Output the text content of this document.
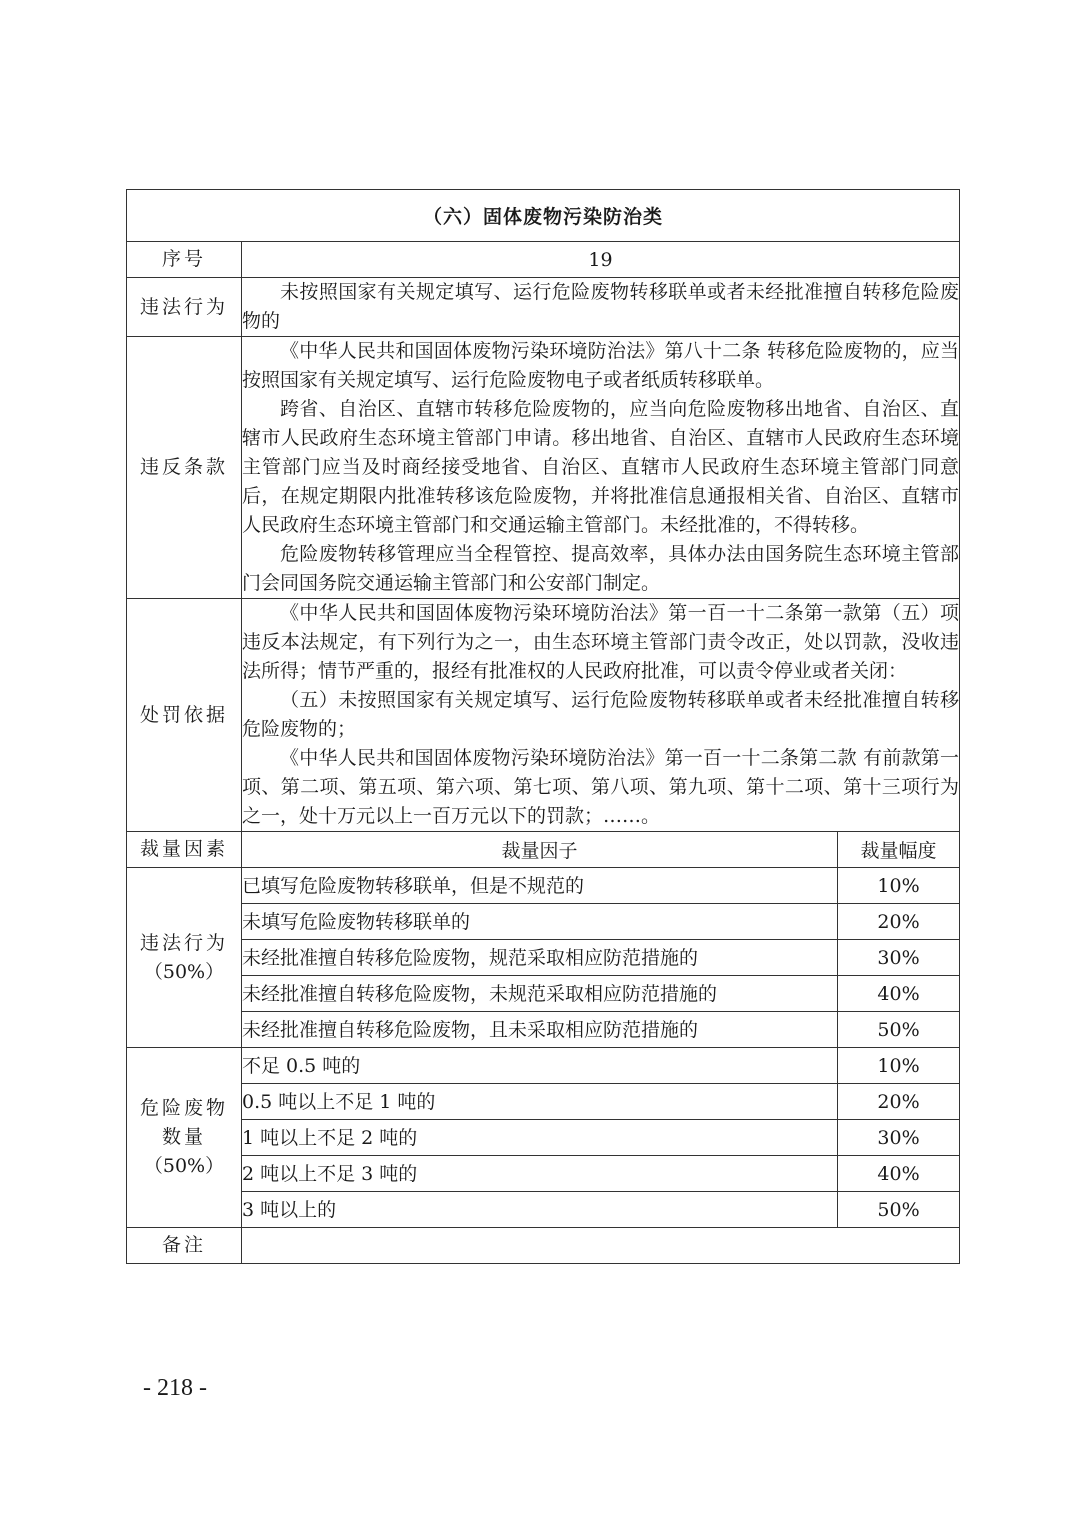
（六）固体废物污染防治类		
序号	19	
违法行为	未按照国家有关规定填写、运行危险废物转移联单或者未经批准擅自转移危险废物的	

违反条款	《中华人民共和国固体废物污染环境防治法》第八十二条 转移危险废物的，应当按照国家有关规定填写、运行危险废物电子或者纸质转移联单。

跨省、自治区、直辖市转移危险废物的，应当向危险废物移出地省、自治区、直辖市人民政府生态环境主管部门申请。移出地省、自治区、直辖市人民政府生态环境主管部门应当及时商经接受地省、自治区、直辖市人民政府生态环境主管部门同意后，在规定期限内批准转移该危险废物，并将批准信息通报相关省、自治区、直辖市人民政府生态环境主管部门和交通运输主管部门。未经批准的，不得转移。

危险废物转移管理应当全程管控、提高效率，具体办法由国务院生态环境主管部门会同国务院交通运输主管部门和公安部门制定。	

处罚依据	《中华人民共和国固体废物污染环境防治法》第一百一十二条第一款第（五）项 违反本法规定，有下列行为之一，由生态环境主管部门责令改正，处以罚款，没收违法所得；情节严重的，报经有批准权的人民政府批准，可以责令停业或者关闭：

（五）未按照国家有关规定填写、运行危险废物转移联单或者未经批准擅自转移危险废物的；

《中华人民共和国固体废物污染环境防治法》第一百一十二条第二款 有前款第一项、第二项、第五项、第六项、第七项、第八项、第九项、第十二项、第十三项行为之一，处十万元以上一百万元以下的罚款；……。	

裁量因素	裁量因子	裁量幅度

违法行为
（50%）	已填写危险废物转移联单，但是不规范的	10%
	未填写危险废物转移联单的	20%
	未经批准擅自转移危险废物，规范采取相应防范措施的	30%
	未经批准擅自转移危险废物，未规范采取相应防范措施的	40%
	未经批准擅自转移危险废物，且未采取相应防范措施的	50%

危险废物
数量
（50%）	不足 0.5 吨的	10%
	0.5 吨以上不足 1 吨的	20%
	1 吨以上不足 2 吨的	30%
	2 吨以上不足 3 吨的	40%
	3 吨以上的	50%
备注		
- 218 -
